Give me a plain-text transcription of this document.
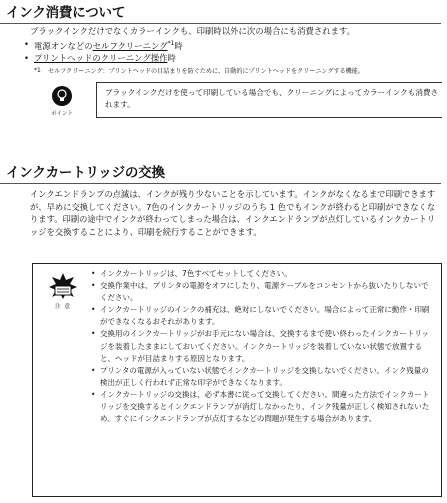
インク消費について
ブラックインクだけでなくカラーインクも、印刷時以外に次の場合にも消費されます。
• 電源オンなどのセルフクリーニング$^{*1}$時
• プリントヘッドのクリーニング操作時
*1 セルフクリーニング：プリントヘッドの目詰まりを防ぐために、自動的にプリントヘッドをクリーニングする機能。
ポイント
ブラックインクだけを使って印刷している場合でも、クリーニングによってカラーインクも消費されます。
インクカートリッジの交換
インクエンドランプの点滅は、インクが残り少ないことを示しています。インクがなくなるまで印刷できますが、早めに交換してください。7色のインクカートリッジのうち 1 色でもインクが終わると印刷ができなくなります。印刷の途中でインクが終わってしまった場合は、インクエンドランプが点灯しているインクカートリッジを交換することにより、印刷を続行することができます。
注 意
• インクカートリッジは、7色すべてセットしてください。
• 交換作業中は、プリンタの電源をオフにしたり、電源ケーブルをコンセントから抜いたりしないでください。
• インクカートリッジのインクの補充は、絶対にしないでください。場合によって正常に動作・印刷ができなくなるおそれがあります。
• 交換用のインクカートリッジがお手元にない場合は、交換するまで使い終わったインクカートリッジを装着したままにしておいてください。インクカートリッジを装着していない状態で放置すると、ヘッドが目詰まりする原因となります。
• プリンタの電源が入っていない状態でインクカートリッジを交換しないでください。インク残量の検出が正しく行われず正常な印字ができなくなります。
• インクカートリッジの交換は、必ず本書に従って交換してください。間違った方法でインクカートリッジを交換するとインクエンドランプが消灯しなかったり、インク残量が正しく検知されないため、すぐにインクエンドランプが点灯するなどの問題が発生する場合があります。
